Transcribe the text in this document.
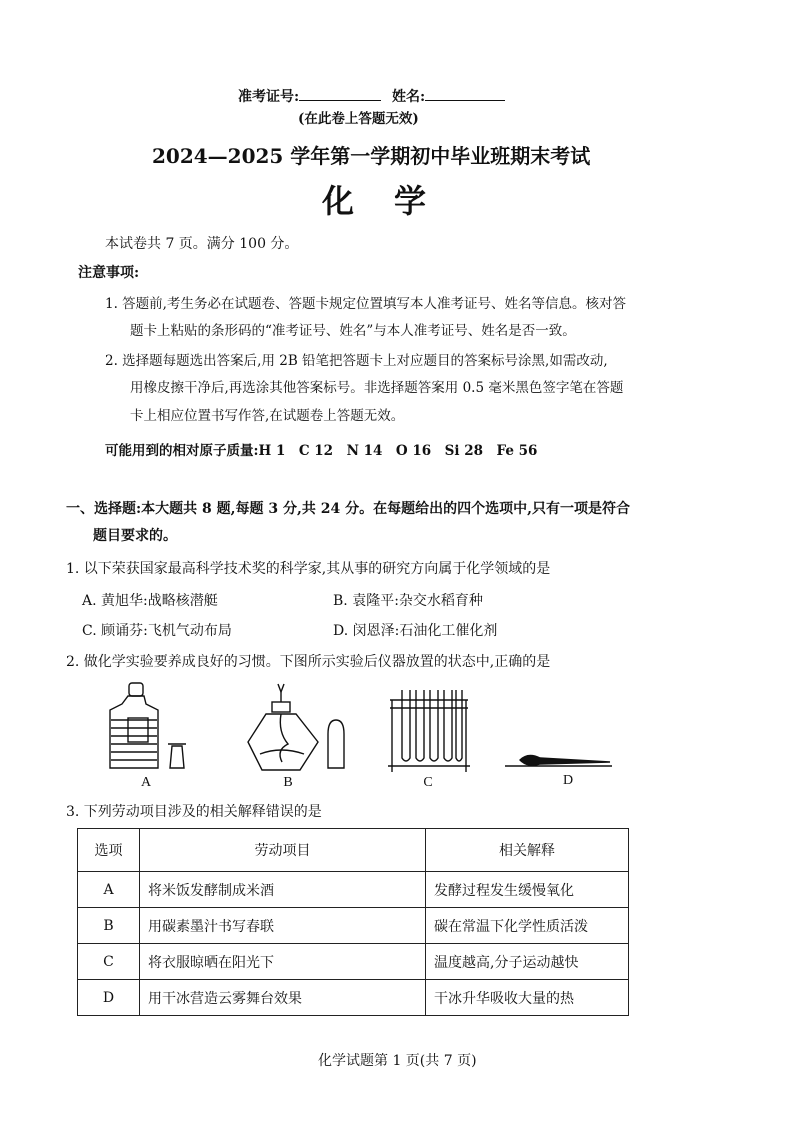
准考证号:	姓名:
(在此卷上答题无效)
2024—2025 学年第一学期初中毕业班期末考试
化　学
本试卷共 7 页。满分 100 分。
注意事项:
1. 答题前,考生务必在试题卷、答题卡规定位置填写本人准考证号、姓名等信息。核对答
题卡上粘贴的条形码的“准考证号、姓名”与本人准考证号、姓名是否一致。
2. 选择题每题选出答案后,用 2B 铅笔把答题卡上对应题目的答案标号涂黑,如需改动,
用橡皮擦干净后,再选涂其他答案标号。非选择题答案用 0.5 毫米黑色签字笔在答题
卡上相应位置书写作答,在试题卷上答题无效。
可能用到的相对原子质量:H 1　C 12　N 14　O 16　Si 28　Fe 56
一、选择题:本大题共 8 题,每题 3 分,共 24 分。在每题给出的四个选项中,只有一项是符合
题目要求的。
1. 以下荣获国家最高科学技术奖的科学家,其从事的研究方向属于化学领域的是
A. 黄旭华:战略核潜艇	B. 袁隆平:杂交水稻育种
C. 顾诵芬:飞机气动布局	D. 闵恩泽:石油化工催化剂
2. 做化学实验要养成良好的习惯。下图所示实验后仪器放置的状态中,正确的是
A	B	C	D
3. 下列劳动项目涉及的相关解释错误的是
选项	劳动项目	相关解释
A	将米饭发酵制成米酒	发酵过程发生缓慢氧化
B	用碳素墨汁书写春联	碳在常温下化学性质活泼
C	将衣服晾晒在阳光下	温度越高,分子运动越快
D	用干冰营造云雾舞台效果	干冰升华吸收大量的热
化学试题第 1 页(共 7 页)
